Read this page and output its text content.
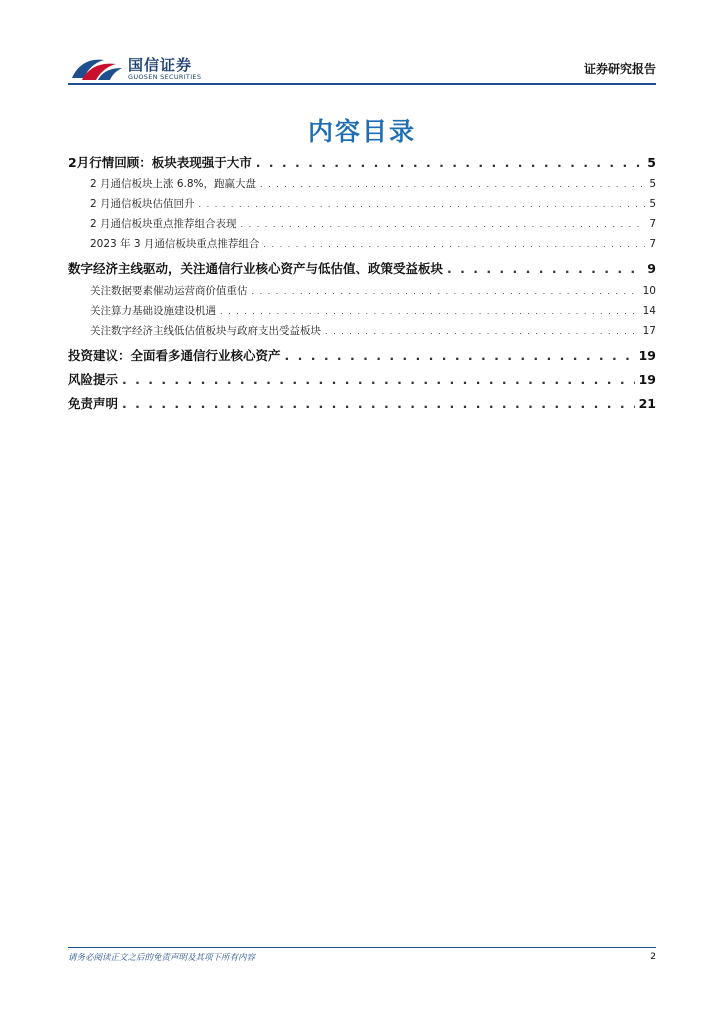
国信证券
GUOSEN SECURITIES
证券研究报告
内容目录
2月行情回顾：板块表现强于大市 . . .	5
2 月通信板块上涨 6.8%，跑赢大盘 . . .	5
2 月通信板块估值回升 . . .	5
2 月通信板块重点推荐组合表现 . . .	7
2023 年 3 月通信板块重点推荐组合 . . .	7
数字经济主线驱动，关注通信行业核心资产与低估值、政策受益板块 . . .	9
关注数据要素催动运营商价值重估 . . .	10
关注算力基础设施建设机遇 . . .	14
关注数字经济主线低估值板块与政府支出受益板块 . . .	17
投资建议：全面看多通信行业核心资产 . . .	19
风险提示 . . .	19
免责声明 . . .	21
请务必阅读正文之后的免责声明及其项下所有内容	2
